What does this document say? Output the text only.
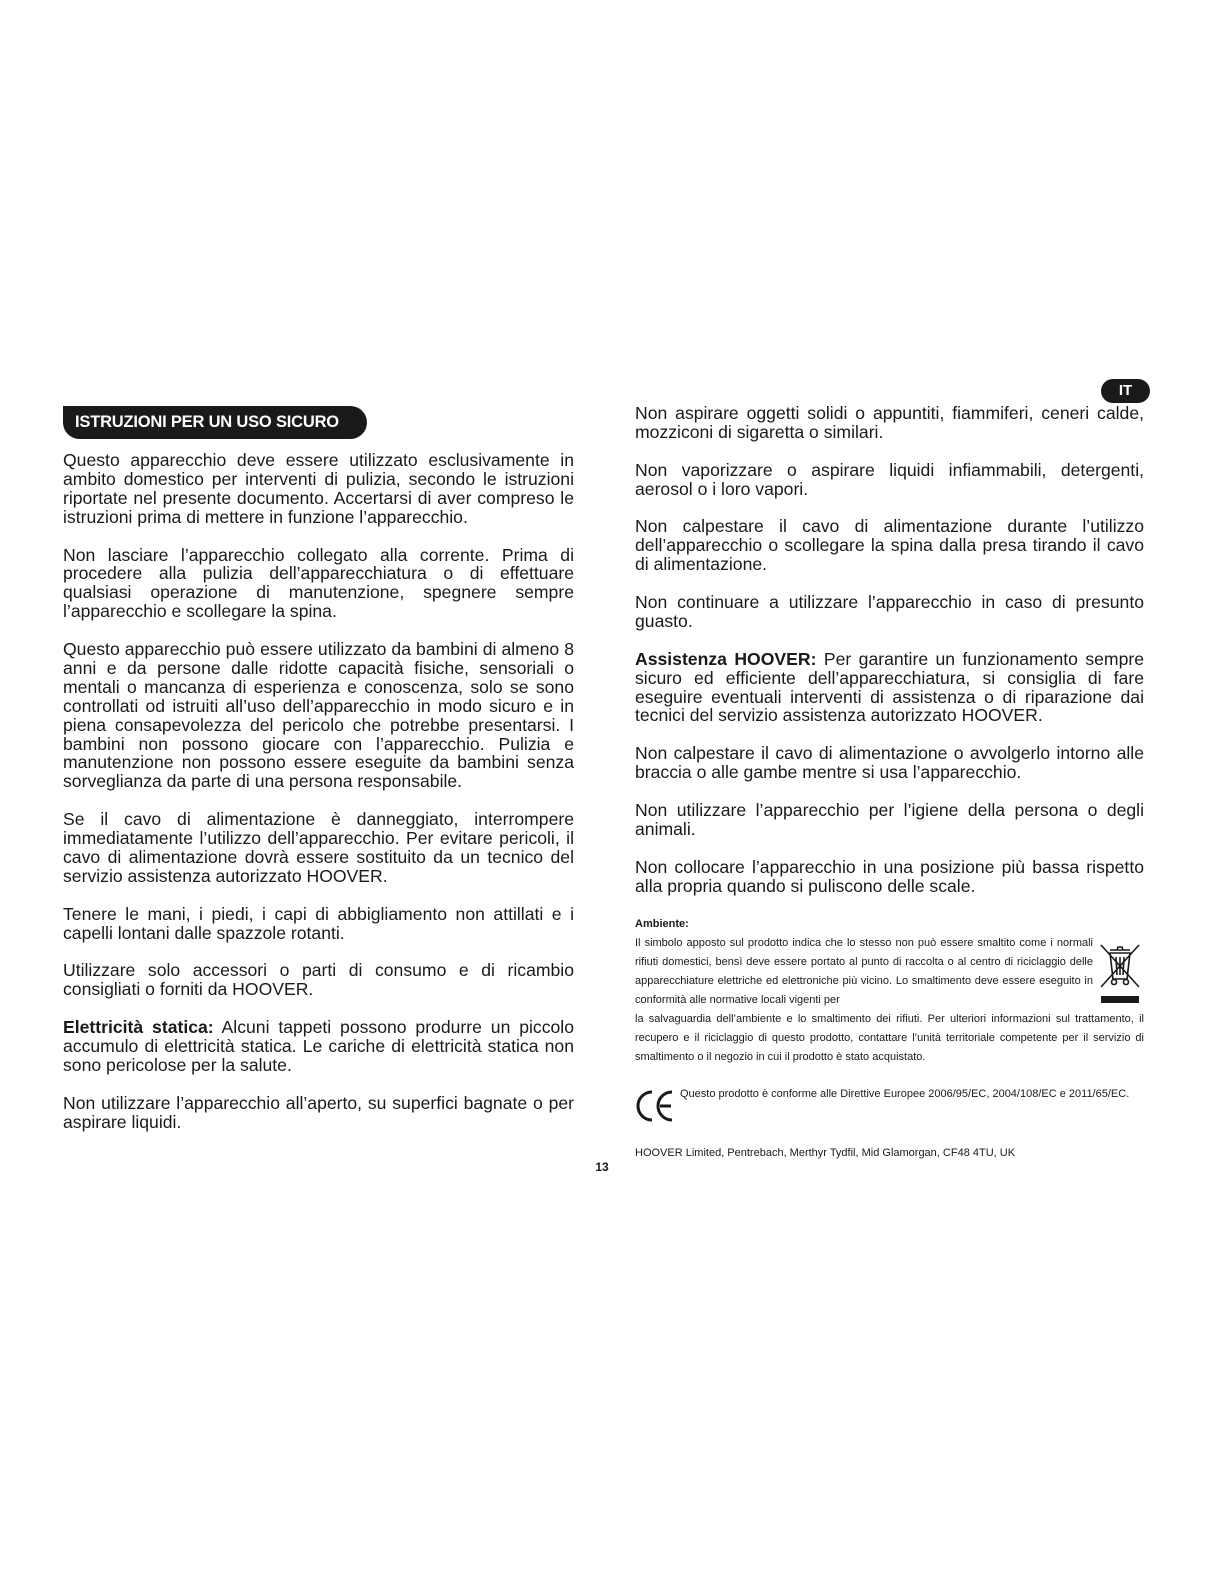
IT
ISTRUZIONI PER UN USO SICURO

Questo apparecchio deve essere utilizzato esclusivamente in ambito domestico per interventi di pulizia, secondo le istruzioni riportate nel presente documento. Accertarsi di aver compreso le istruzioni prima di mettere in funzione l’apparecchio.

Non lasciare l’apparecchio collegato alla corrente. Prima di procedere alla pulizia dell’apparecchiatura o di effettuare qualsiasi operazione di manutenzione, spegnere sempre l’apparecchio e scollegare la spina.

Questo apparecchio può essere utilizzato da bambini di almeno 8 anni e da persone dalle ridotte capacità fisiche, sensoriali o mentali o mancanza di esperienza e conoscenza, solo se sono controllati od istruiti all’uso dell’apparecchio in modo sicuro e in piena consapevolezza del pericolo che potrebbe presentarsi. I bambini non possono giocare con l’apparecchio. Pulizia e manutenzione non possono essere eseguite da bambini senza sorveglianza da parte di una persona responsabile.

Se il cavo di alimentazione è danneggiato, interrompere immediatamente l’utilizzo dell’apparecchio. Per evitare pericoli, il cavo di alimentazione dovrà essere sostituito da un tecnico del servizio assistenza autorizzato HOOVER.

Tenere le mani, i piedi, i capi di abbigliamento non attillati e i capelli lontani dalle spazzole rotanti.

Utilizzare solo accessori o parti di consumo e di ricambio consigliati o forniti da HOOVER.

Elettricità statica: Alcuni tappeti possono produrre un piccolo accumulo di elettricità statica. Le cariche di elettricità statica non sono pericolose per la salute.

Non utilizzare l’apparecchio all’aperto, su superfici bagnate o per aspirare liquidi.

13

Non aspirare oggetti solidi o appuntiti, fiammiferi, ceneri calde, mozziconi di sigaretta o similari.

Non vaporizzare o aspirare liquidi infiammabili, detergenti, aerosol o i loro vapori.

Non calpestare il cavo di alimentazione durante l’utilizzo dell’apparecchio o scollegare la spina dalla presa tirando il cavo di alimentazione.

Non continuare a utilizzare l’apparecchio in caso di presunto guasto.

Assistenza HOOVER: Per garantire un funzionamento sempre sicuro ed efficiente dell’apparecchiatura, si consiglia di fare eseguire eventuali interventi di assistenza o di riparazione dai tecnici del servizio assistenza autorizzato HOOVER.

Non calpestare il cavo di alimentazione o avvolgerlo intorno alle braccia o alle gambe mentre si usa l’apparecchio.

Non utilizzare l’apparecchio per l’igiene della persona o degli animali.

Non collocare l’apparecchio in una posizione più bassa rispetto alla propria quando si puliscono delle scale.

Ambiente:

Il simbolo apposto sul prodotto indica che lo stesso non può essere smaltito come i normali rifiuti domestici, bensì deve essere portato al punto di raccolta o al centro di riciclaggio delle apparecchiature elettriche ed elettroniche più vicino. Lo smaltimento deve essere eseguito in conformità alle normative locali vigenti per

la salvaguardia dell’ambiente e lo smaltimento dei rifiuti. Per ulteriori informazioni sul trattamento, il recupero e il riciclaggio di questo prodotto, contattare l’unità territoriale competente per il servizio di smaltimento o il negozio in cui il prodotto è stato acquistato.

Questo prodotto è conforme alle Direttive Europee 2006/95/EC, 2004/108/EC e 2011/65/EC.
HOOVER Limited, Pentrebach, Merthyr Tydfil, Mid Glamorgan, CF48 4TU, UK
